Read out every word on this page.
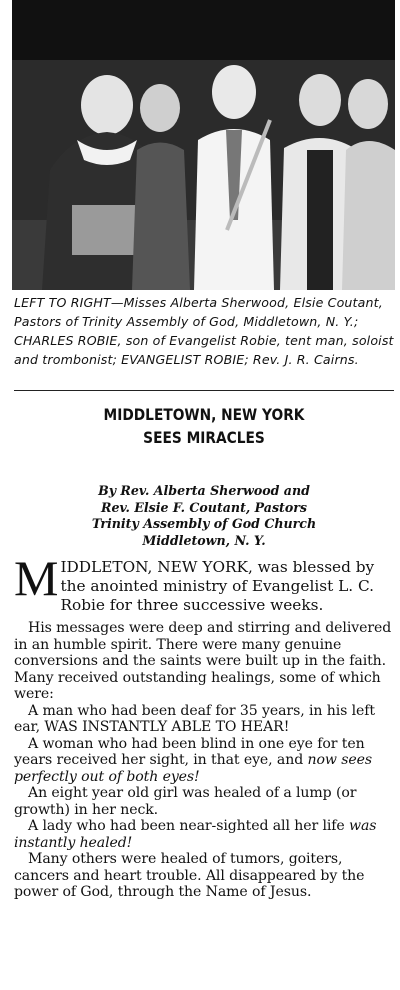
LEFT TO RIGHT—Misses Alberta Sherwood, Elsie Coutant, Pastors of Trinity Assembly of God, Middletown, N. Y.; CHARLES ROBIE, son of Evangelist Robie, tent man, soloist and trombonist; EVANGELIST ROBIE; Rev. J. R. Cairns.
MIDDLETOWN, NEW YORK
SEES MIRACLES
By Rev. Alberta Sherwood and
Rev. Elsie F. Coutant, Pastors
Trinity Assembly of God Church
Middletown, N. Y.

MIDDLETON, NEW YORK, was blessed by the anointed ministry of Evangelist L. C. Robie for three successive weeks.

His messages were deep and stirring and delivered in an humble spirit. There were many genuine conversions and the saints were built up in the faith. Many received outstanding healings, some of which were:

A man who had been deaf for 35 years, in his left ear, WAS INSTANTLY ABLE TO HEAR!

A woman who had been blind in one eye for ten years received her sight, in that eye, and now sees perfectly out of both eyes!

An eight year old girl was healed of a lump (or growth) in her neck.

A lady who had been near-sighted all her life was instantly healed!

Many others were healed of tumors, goiters, cancers and heart trouble. All disappeared by the power of God, through the Name of Jesus.
